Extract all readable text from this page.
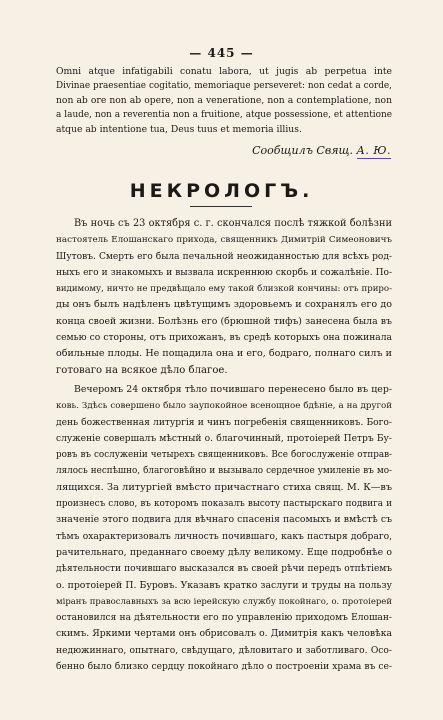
— 445 —
Omni atque infatigabili conatu labora, ut jugis ab perpetua inte
Divinae praesentiae cogitatio, memoriaque perseveret: non cedat a corde,
non ab ore non ab opere, non a veneratione, non a contemplatione, non
a laude, non a reverentia non a fruitione, atque possessione, et attentione
atque ab intentione tua, Deus tuus et memoria illius.
Сообщилъ Свящ. А. Ю.
НЕКРОЛОГЪ.
Въ ночь съ 23 октября с. г. скончался послѣ тяжкой болѣзни
настоятель Елошанскаго прихода, священникъ Димитрій Симеоновичъ
Шутовъ. Смерть его была печальной неожиданностью для всѣхъ род-
ныхъ его и знакомыхъ и вызвала искреннюю скорбь и сожалѣніе. По-
видимому, ничто не предвѣщало ему такой близкой кончины: отъ приро-
ды онъ былъ надѣленъ цвѣтущимъ здоровьемъ и сохранялъ его до
конца своей жизни. Болѣзнь его (брюшной тифъ) занесена была въ
семью со стороны, отъ прихожанъ, въ средѣ которыхъ она пожинала
обильные плоды. Не пощадила она и его, бодраго, полнаго силъ и
готоваго на всякое дѣло благое.
Вечеромъ 24 октября тѣло почившаго перенесено было въ цер-
ковь. Здѣсь совершено было заупокойное всенощное бдѣніе, а на другой
день божественная литургія и чинъ погребенія священниковъ. Бого-
служеніе совершалъ мѣстный о. благочинный, протоіерей Петръ Бу-
ровъ въ сослуженіи четырехъ священниковъ. Все богослуженіе отправ-
лялось неспѣшно, благоговѣйно и вызывало сердечное умиленіе въ мо-
лящихся. За литургіей вмѣсто причастнаго стиха свящ. М. К—въ
произнесъ слово, въ которомъ показалъ высоту пастырскаго подвига и
значеніе этого подвига для вѣчнаго спасенія пасомыхъ и вмѣстѣ съ
тѣмъ охарактеризовалъ личность почившаго, какъ пастыря добраго,
рачительнаго, преданнаго своему дѣлу великому. Еще подробнѣе о
дѣятельности почившаго высказался въ своей рѣчи передъ отпѣтіемъ
о. протоіерей П. Буровъ. Указавъ кратко заслуги и труды на пользу
міранъ православныхъ за всю іерейскую службу покойнаго, о. протоіерей
остановился на дѣятельности его по управленію приходомъ Елошан-
скимъ. Яркими чертами онъ обрисовалъ о. Димитрія какъ человѣка
недюжиннаго, опытнаго, свѣдущаго, дѣловитаго и заботливаго. Осо-
бенно было близко сердцу покойнаго дѣло о построеніи храма въ се-
